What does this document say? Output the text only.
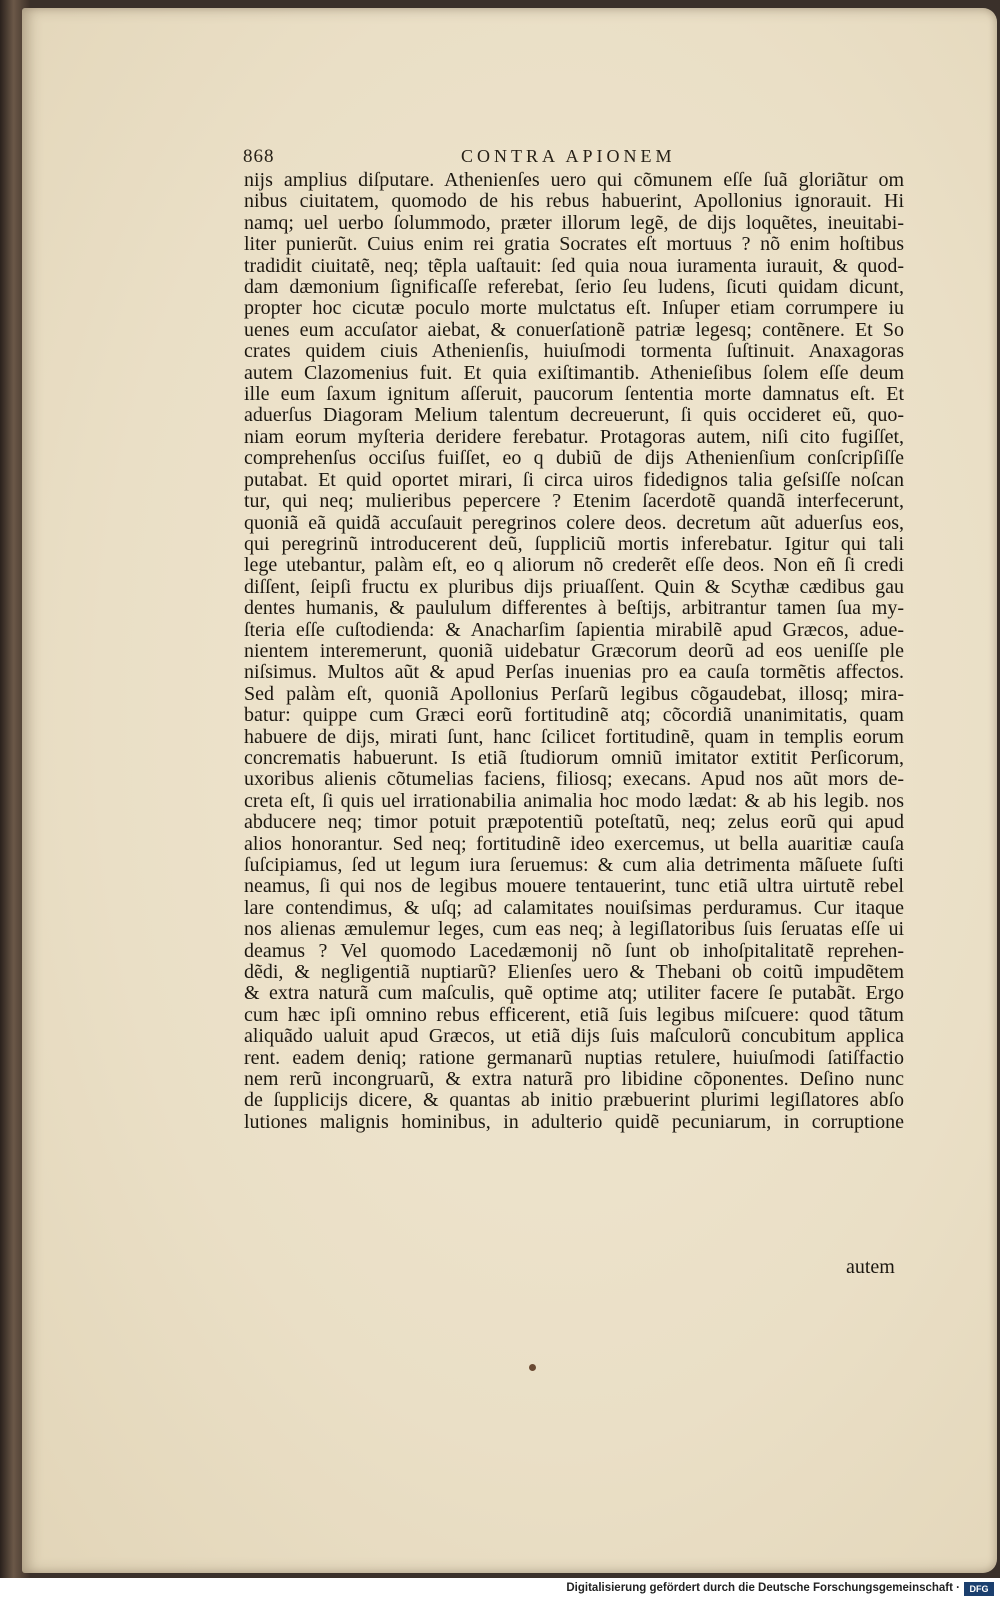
868	CONTRA APIONEM
nijs amplius diſputare. Athenienſes uero qui cõmunem eſſe ſuã gloriãtur om
nibus ciuitatem, quomodo de his rebus habuerint, Apollonius ignorauit. Hi
namq; uel uerbo ſolummodo, præter illorum legẽ, de dijs loquẽtes, ineuitabi-
liter punierũt. Cuius enim rei gratia Socrates eſt mortuus ? nõ enim hoſtibus
tradidit ciuitatẽ, neq; tẽpla uaſtauit: ſed quia noua iuramenta iurauit, & quod-
dam dæmonium ſignificaſſe referebat, ſerio ſeu ludens, ſicuti quidam dicunt,
propter hoc cicutæ poculo morte mulctatus eſt. Inſuper etiam corrumpere iu
uenes eum accuſator aiebat, & conuerſationẽ patriæ legesq; contẽnere. Et So
crates quidem ciuis Athenienſis, huiuſmodi tormenta ſuſtinuit. Anaxagoras
autem Clazomenius fuit. Et quia exiſtimantib. Athenieſibus ſolem eſſe deum
ille eum ſaxum ignitum aſſeruit, paucorum ſententia morte damnatus eſt. Et
aduerſus Diagoram Melium talentum decreuerunt, ſi quis occideret eũ, quo-
niam eorum myſteria deridere ferebatur. Protagoras autem, niſi cito fugiſſet,
comprehenſus occiſus fuiſſet, eo q dubiũ de dijs Athenienſium conſcripſiſſe
putabat. Et quid oportet mirari, ſi circa uiros fidedignos talia geſsiſſe noſcan
tur, qui neq; mulieribus pepercere ? Etenim ſacerdotẽ quandã interfecerunt,
quoniã eã quidã accuſauit peregrinos colere deos. decretum aũt aduerſus eos,
qui peregrinũ introducerent deũ, ſuppliciũ mortis inferebatur. Igitur qui tali
lege utebantur, palàm eſt, eo q aliorum nõ crederẽt eſſe deos. Non eñ ſi credi
diſſent, ſeipſi fructu ex pluribus dijs priuaſſent. Quin & Scythæ cædibus gau
dentes humanis, & paululum differentes à beſtijs, arbitrantur tamen ſua my-
ſteria eſſe cuſtodienda: & Anacharſim ſapientia mirabilẽ apud Græcos, adue-
nientem interemerunt, quoniã uidebatur Græcorum deorũ ad eos ueniſſe ple
niſsimus. Multos aũt & apud Perſas inuenias pro ea cauſa tormẽtis affectos.
Sed palàm eſt, quoniã Apollonius Perſarũ legibus cõgaudebat, illosq; mira-
batur: quippe cum Græci eorũ fortitudinẽ atq; cõcordiã unanimitatis, quam
habuere de dijs, mirati ſunt, hanc ſcilicet fortitudinẽ, quam in templis eorum
concrematis habuerunt. Is etiã ſtudiorum omniũ imitator extitit Perſicorum,
uxoribus alienis cõtumelias faciens, filiosq; execans. Apud nos aũt mors de-
creta eſt, ſi quis uel irrationabilia animalia hoc modo lædat: & ab his legib. nos
abducere neq; timor potuit præpotentiũ poteſtatũ, neq; zelus eorũ qui apud
alios honorantur. Sed neq; fortitudinẽ ideo exercemus, ut bella auaritiæ cauſa
ſuſcipiamus, ſed ut legum iura ſeruemus: & cum alia detrimenta mãſuete ſuſti
neamus, ſi qui nos de legibus mouere tentauerint, tunc etiã ultra uirtutẽ rebel
lare contendimus, & uſq; ad calamitates nouiſsimas perduramus. Cur itaque
nos alienas æmulemur leges, cum eas neq; à legiſlatoribus ſuis ſeruatas eſſe ui
deamus ? Vel quomodo Lacedæmonij nõ ſunt ob inhoſpitalitatẽ reprehen-
dẽdi, & negligentiã nuptiarũ? Elienſes uero & Thebani ob coitũ impudẽtem
& extra naturã cum maſculis, quẽ optime atq; utiliter facere ſe putabãt. Ergo
cum hæc ipſi omnino rebus efficerent, etiã ſuis legibus miſcuere: quod tãtum
aliquãdo ualuit apud Græcos, ut etiã dijs ſuis maſculorũ concubitum applica
rent. eadem deniq; ratione germanarũ nuptias retulere, huiuſmodi ſatiſfactio
nem rerũ incongruarũ, & extra naturã pro libidine cõponentes. Deſino nunc
de ſupplicijs dicere, & quantas ab initio præbuerint plurimi legiſlatores abſo
lutiones malignis hominibus, in adulterio quidẽ pecuniarum, in corruptione
autem
Digitalisierung gefördert durch die Deutsche Forschungsgemeinschaft ·	DFG
